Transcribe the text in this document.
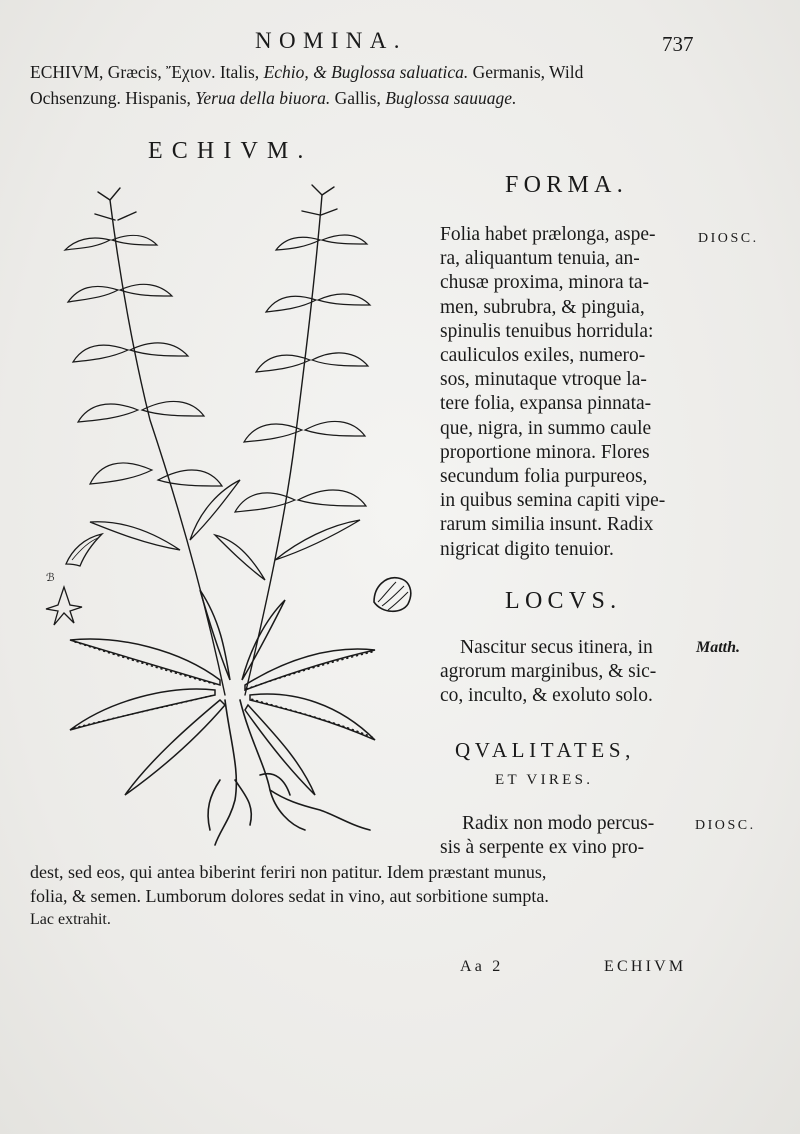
NOMINA.	737
ECHIVM, Græcis, Ἔχιον. Italis, Echio, & Buglossa saluatica. Germanis, Wild
Ochsenzung. Hispanis, Yerua della biuora. Gallis, Buglossa sauuage.
ECHIVM.
ℬ
FORMA.
DIOSC.
Folia habet prælonga, aspe-
ra, aliquantum tenuia, an-
chusæ proxima, minora ta-
men, subrubra, & pinguia,
spinulis tenuibus horridula:
cauliculos exiles, numero-
sos, minutaque vtroque la-
tere folia, expansa pinnata-
que, nigra, in summo caule
proportione minora. Flores
secundum folia purpureos,
in quibus semina capiti vipe-
rarum similia insunt. Radix
nigricat digito tenuior.
LOCVS.
Matth.
Nascitur secus itinera, in
agrorum marginibus, & sic-
co, inculto, & exoluto solo.
QVALITATES,
ET VIRES.
DIOSC.
Radix non modo percus-
sis à serpente ex vino pro-
dest, sed eos, qui antea biberint feriri non patitur. Idem præstant munus,
folia, & semen. Lumborum dolores sedat in vino, aut sorbitione sumpta.
Lac extrahit.
Aa 2	ECHIVM
